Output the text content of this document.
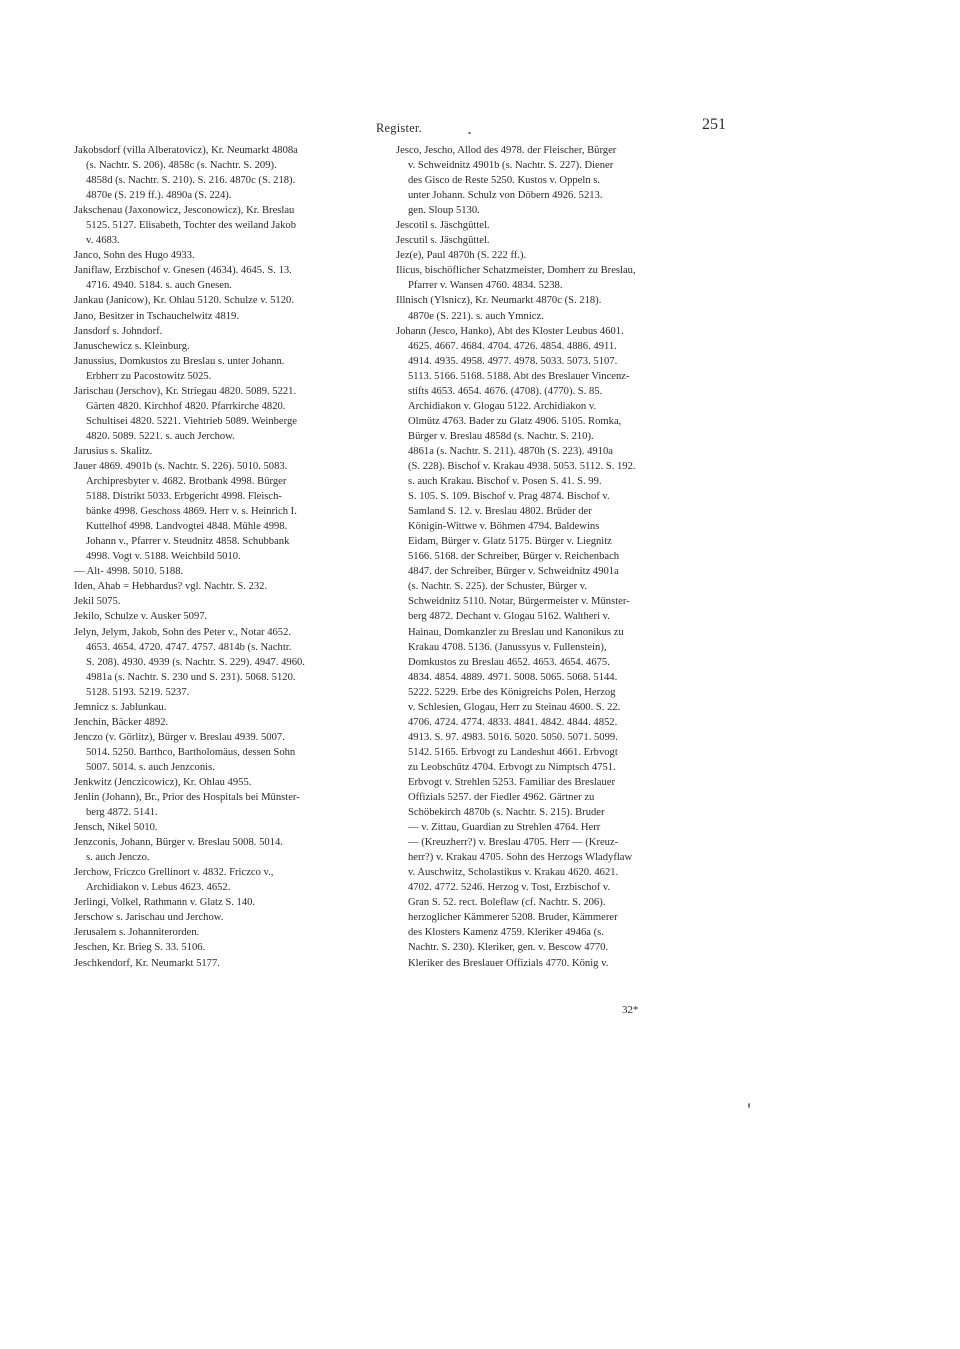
Register.	251
Jakobsdorf (villa Alberatovicz), Kr. Neumarkt 4808a
(s. Nachtr. S. 206). 4858c (s. Nachtr. S. 209).
4858d (s. Nachtr. S. 210). S. 216. 4870c (S. 218).
4870e (S. 219 ff.). 4890a (S. 224).
Jakschenau (Jaxonowicz, Jesconowicz), Kr. Breslau
5125. 5127. Elisabeth, Tochter des weiland Jakob
v. 4683.
Janco, Sohn des Hugo 4933.
Janiflaw, Erzbischof v. Gnesen (4634). 4645. S. 13.
4716. 4940. 5184. s. auch Gnesen.
Jankau (Janicow), Kr. Ohlau 5120. Schulze v. 5120.
Jano, Besitzer in Tschauchelwitz 4819.
Jansdorf s. Johndorf.
Januschewicz s. Kleinburg.
Janussius, Domkustos zu Breslau s. unter Johann.
Erbherr zu Pacostowitz 5025.
Jarischau (Jerschov), Kr. Striegau 4820. 5089. 5221.
Gärten 4820. Kirchhof 4820. Pfarrkirche 4820.
Schultisei 4820. 5221. Viehtrieb 5089. Weinberge
4820. 5089. 5221. s. auch Jerchow.
Jarusius s. Skalitz.
Jauer 4869. 4901b (s. Nachtr. S. 226). 5010. 5083.
Archipresbyter v. 4682. Brotbank 4998. Bürger
5188. Distrikt 5033. Erbgericht 4998. Fleisch-
bänke 4998. Geschoss 4869. Herr v. s. Heinrich I.
Kuttelhof 4998. Landvogtei 4848. Mühle 4998.
Johann v., Pfarrer v. Steudnitz 4858. Schubbank
4998. Vogt v. 5188. Weichbild 5010.
— Alt- 4998. 5010. 5188.
Iden, Ahab = Hebhardus? vgl. Nachtr. S. 232.
Jekil 5075.
Jekilo, Schulze v. Ausker 5097.
Jelyn, Jelym, Jakob, Sohn des Peter v., Notar 4652.
4653. 4654. 4720. 4747. 4757. 4814b (s. Nachtr.
S. 208). 4930. 4939 (s. Nachtr. S. 229). 4947. 4960.
4981a (s. Nachtr. S. 230 und S. 231). 5068. 5120.
5128. 5193. 5219. 5237.
Jemnicz s. Jablunkau.
Jenchin, Bäcker 4892.
Jenczo (v. Görlitz), Bürger v. Breslau 4939. 5007.
5014. 5250. Barthco, Bartholomäus, dessen Sohn
5007. 5014. s. auch Jenzconis.
Jenkwitz (Jenczicowicz), Kr. Ohlau 4955.
Jenlin (Johann), Br., Prior des Hospitals bei Münster-
berg 4872. 5141.
Jensch, Nikel 5010.
Jenzconis, Johann, Bürger v. Breslau 5008. 5014.
s. auch Jenczo.
Jerchow, Friczco Grellinort v. 4832. Friczco v.,
Archidiakon v. Lebus 4623. 4652.
Jerlingi, Volkel, Rathmann v. Glatz S. 140.
Jerschow s. Jarischau und Jerchow.
Jerusalem s. Johanniterorden.
Jeschen, Kr. Brieg S. 33. 5106.
Jeschkendorf, Kr. Neumarkt 5177.
Jesco, Jescho, Allod des 4978. der Fleischer, Bürger
v. Schweidnitz 4901b (s. Nachtr. S. 227). Diener
des Gisco de Reste 5250. Kustos v. Oppeln s.
unter Johann. Schulz von Döbern 4926. 5213.
gen. Sloup 5130.
Jescotil s. Jäschgüttel.
Jescutil s. Jäschgüttel.
Jez(e), Paul 4870h (S. 222 ff.).
Ilicus, bischöflicher Schatzmeister, Domherr zu Breslau,
Pfarrer v. Wansen 4760. 4834. 5238.
Illnisch (Ylsnicz), Kr. Neumarkt 4870c (S. 218).
4870e (S. 221). s. auch Ymnicz.
Johann (Jesco, Hanko), Abt des Kloster Leubus 4601.
4625. 4667. 4684. 4704. 4726. 4854. 4886. 4911.
4914. 4935. 4958. 4977. 4978. 5033. 5073. 5107.
5113. 5166. 5168. 5188. Abt des Breslauer Vincenz-
stifts 4653. 4654. 4676. (4708). (4770). S. 85.
Archidiakon v. Glogau 5122. Archidiakon v.
Olmütz 4763. Bader zu Glatz 4906. 5105. Romka,
Bürger v. Breslau 4858d (s. Nachtr. S. 210).
4861a (s. Nachtr. S. 211). 4870h (S. 223). 4910a
(S. 228). Bischof v. Krakau 4938. 5053. 5112. S. 192.
s. auch Krakau. Bischof v. Posen S. 41. S. 99.
S. 105. S. 109. Bischof v. Prag 4874. Bischof v.
Samland S. 12. v. Breslau 4802. Brüder der
Königin-Wittwe v. Böhmen 4794. Baldewins
Eidam, Bürger v. Glatz 5175. Bürger v. Liegnitz
5166. 5168. der Schreiber, Bürger v. Reichenbach
4847. der Schreiber, Bürger v. Schweidnitz 4901a
(s. Nachtr. S. 225). der Schuster, Bürger v.
Schweidnitz 5110. Notar, Bürgermeister v. Münster-
berg 4872. Dechant v. Glogau 5162. Waltheri v.
Hainau, Domkanzler zu Breslau und Kanonikus zu
Krakau 4708. 5136. (Janussyus v. Fullenstein),
Domkustos zu Breslau 4652. 4653. 4654. 4675.
4834. 4854. 4889. 4971. 5008. 5065. 5068. 5144.
5222. 5229. Erbe des Königreichs Polen, Herzog
v. Schlesien, Glogau, Herr zu Steinau 4600. S. 22.
4706. 4724. 4774. 4833. 4841. 4842. 4844. 4852.
4913. S. 97. 4983. 5016. 5020. 5050. 5071. 5099.
5142. 5165. Erbvogt zu Landeshut 4661. Erbvogt
zu Leobschütz 4704. Erbvogt zu Nimptsch 4751.
Erbvogt v. Strehlen 5253. Familiar des Breslauer
Offizials 5257. der Fiedler 4962. Gärtner zu
Schöbekirch 4870b (s. Nachtr. S. 215). Bruder
— v. Zittau, Guardian zu Strehlen 4764. Herr
— (Kreuzherr?) v. Breslau 4705. Herr — (Kreuz-
herr?) v. Krakau 4705. Sohn des Herzogs Wladyflaw
v. Auschwitz, Scholastikus v. Krakau 4620. 4621.
4702. 4772. 5246. Herzog v. Tost, Erzbischof v.
Gran S. 52. rect. Boleflaw (cf. Nachtr. S. 206).
herzoglicher Kämmerer 5208. Bruder, Kämmerer
des Klosters Kamenz 4759. Kleriker 4946a (s.
Nachtr. S. 230). Kleriker, gen. v. Bescow 4770.
Kleriker des Breslauer Offizials 4770. König v.
32*
